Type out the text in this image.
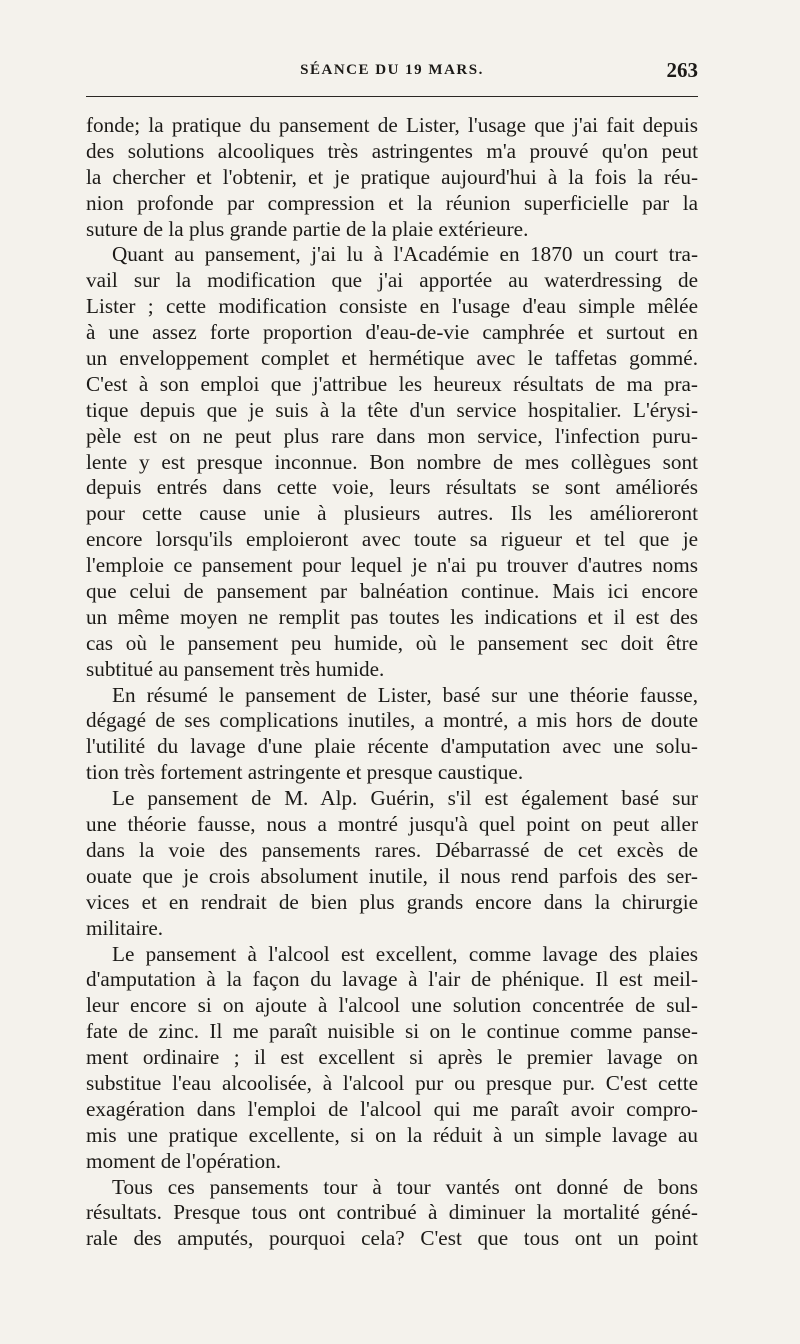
SÉANCE DU 19 MARS.	263
fonde; la pratique du pansement de Lister, l'usage que j'ai fait depuis
des solutions alcooliques très astringentes m'a prouvé qu'on peut
la chercher et l'obtenir, et je pratique aujourd'hui à la fois la réu-
nion profonde par compression et la réunion superficielle par la
suture de la plus grande partie de la plaie extérieure.
Quant au pansement, j'ai lu à l'Académie en 1870 un court tra-
vail sur la modification que j'ai apportée au waterdressing de
Lister ; cette modification consiste en l'usage d'eau simple mêlée
à une assez forte proportion d'eau-de-vie camphrée et surtout en
un enveloppement complet et hermétique avec le taffetas gommé.
C'est à son emploi que j'attribue les heureux résultats de ma pra-
tique depuis que je suis à la tête d'un service hospitalier. L'érysi-
pèle est on ne peut plus rare dans mon service, l'infection puru-
lente y est presque inconnue. Bon nombre de mes collègues sont
depuis entrés dans cette voie, leurs résultats se sont améliorés
pour cette cause unie à plusieurs autres. Ils les amélioreront
encore lorsqu'ils emploieront avec toute sa rigueur et tel que je
l'emploie ce pansement pour lequel je n'ai pu trouver d'autres noms
que celui de pansement par balnéation continue. Mais ici encore
un même moyen ne remplit pas toutes les indications et il est des
cas où le pansement peu humide, où le pansement sec doit être
subtitué au pansement très humide.
En résumé le pansement de Lister, basé sur une théorie fausse,
dégagé de ses complications inutiles, a montré, a mis hors de doute
l'utilité du lavage d'une plaie récente d'amputation avec une solu-
tion très fortement astringente et presque caustique.
Le pansement de M. Alp. Guérin, s'il est également basé sur
une théorie fausse, nous a montré jusqu'à quel point on peut aller
dans la voie des pansements rares. Débarrassé de cet excès de
ouate que je crois absolument inutile, il nous rend parfois des ser-
vices et en rendrait de bien plus grands encore dans la chirurgie
militaire.
Le pansement à l'alcool est excellent, comme lavage des plaies
d'amputation à la façon du lavage à l'air de phénique. Il est meil-
leur encore si on ajoute à l'alcool une solution concentrée de sul-
fate de zinc. Il me paraît nuisible si on le continue comme panse-
ment ordinaire ; il est excellent si après le premier lavage on
substitue l'eau alcoolisée, à l'alcool pur ou presque pur. C'est cette
exagération dans l'emploi de l'alcool qui me paraît avoir compro-
mis une pratique excellente, si on la réduit à un simple lavage au
moment de l'opération.
Tous ces pansements tour à tour vantés ont donné de bons
résultats. Presque tous ont contribué à diminuer la mortalité géné-
rale des amputés, pourquoi cela? C'est que tous ont un point
